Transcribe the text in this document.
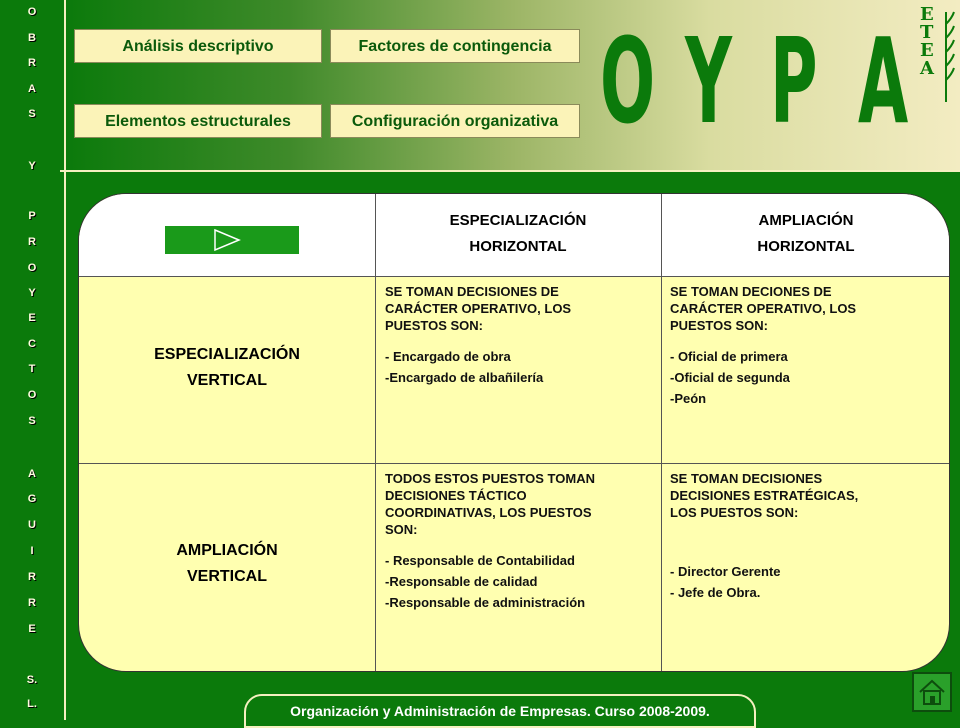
O
B
R
A
S
Y
P
R
O
Y
E
C
T
O
S
A
G
U
I
R
R
E
S.
L.
Análisis descriptivo	Factores de contingencia
Elementos estructurales	Configuración organizativa O Y P A E
T
E
A
ESPECIALIZACIÓN
HORIZONTAL
AMPLIACIÓN
HORIZONTAL
ESPECIALIZACIÓN
VERTICAL
AMPLIACIÓN
VERTICAL
SE TOMAN DECISIONES DE
CARÁCTER OPERATIVO, LOS
PUESTOS SON:
- Encargado de obra
-Encargado de albañilería
SE TOMAN DECIONES DE
CARÁCTER OPERATIVO, LOS
PUESTOS SON:
- Oficial de primera
-Oficial de segunda
-Peón
TODOS ESTOS PUESTOS TOMAN
DECISIONES TÁCTICO
COORDINATIVAS, LOS PUESTOS
SON:
- Responsable de Contabilidad
-Responsable de calidad
-Responsable de administración
SE TOMAN DECISIONES
DECISIONES ESTRATÉGICAS,
LOS PUESTOS SON:
- Director Gerente
- Jefe de Obra.
Organización y Administración de Empresas. Curso 2008-2009.
